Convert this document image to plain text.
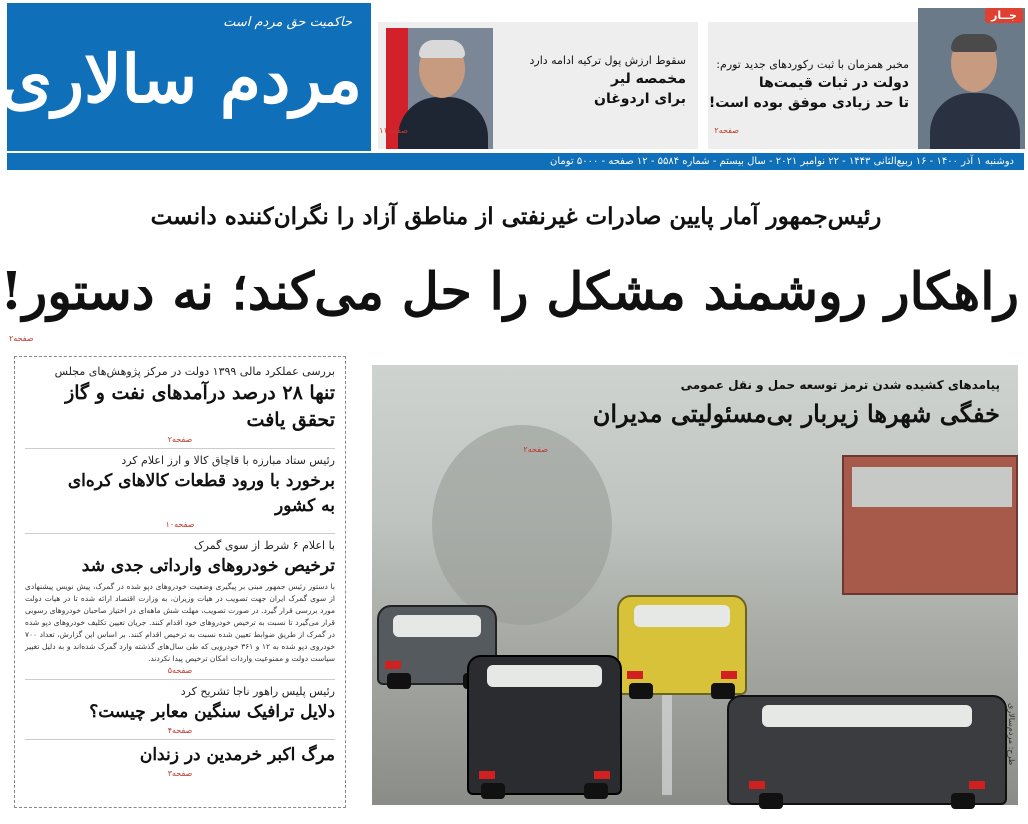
حاکمیت حق مردم است
مردم سالاری	سقوط ارزش پول ترکیه ادامه دارد
مخمصه لیر
برای اردوغان
صفحه۱۱
جــار
مخبر همزمان با ثبت رکوردهای جدید تورم:
دولت در ثبات قیمت‌ها
تا حد زیادی موفق بوده است!
صفحه۲
دوشنبه ۱ آذر ۱۴۰۰ - ۱۶ ربیع‌الثانی ۱۴۴۳ - ۲۲ نوامبر ۲۰۲۱ - سال بیستم - شماره ۵۵۸۴ - ۱۲ صفحه - ۵۰۰۰ تومان
رئیس‌جمهور آمار پایین صادرات غیرنفتی از مناطق آزاد را نگران‌کننده دانست
راهکار روشمند مشکل را حل می‌کند؛ نه دستور!
صفحه۲
بررسی عملکرد مالی ۱۳۹۹ دولت در مرکز پژوهش‌های مجلس
تنها ۲۸ درصد درآمدهای نفت و گاز
تحقق یافت
صفحه۲
رئیس ستاد مبارزه با قاچاق کالا و ارز اعلام کرد
برخورد با ورود قطعات کالاهای کره‌ای
به کشور
صفحه۱۰
با اعلام ۶ شرط از سوی گمرک
ترخیص خودروهای وارداتی جدی شد
با دستور رئیس جمهور مبنی بر پیگیری وضعیت خودروهای دپو شده در گمرک، پیش نویس پیشنهادی از سوی گمرک ایران جهت تصویب در هیات وزیران، به وزارت اقتصاد ارائه شده تا در هیات دولت مورد بررسی قرار گیرد. در صورت تصویب، مهلت شش ماهه‌ای در اختیار صاحبان خودروهای رسوبی قرار می‌گیرد تا نسبت به ترخیص خودروهای خود اقدام کنند. جریان تعیین تکلیف خودروهای دپو شده در گمرک از طریق ضوابط تعیین شده نسبت به ترخیص اقدام کنند. بر اساس این گزارش، تعداد ۷۰۰ خودروی دپو شده به ۱۲ و ۳۶۱ خودرویی که طی سال‌های گذشته وارد گمرک شده‌اند و به دلیل تغییر سیاست دولت و ممنوعیت واردات امکان ترخیص پیدا نکردند.
صفحه۵
رئیس پلیس راهور ناجا تشریح کرد
دلایل ترافیک سنگین معابر چیست؟
صفحه۴
مرگ اکبر خرمدین در زندان
صفحه۳
پیامدهای کشیده شدن ترمز توسعه حمل و نقل عمومی
خفگی شهرها زیربار بی‌مسئولیتی مدیران
صفحه۲
طرح: مردم‌سالاری
